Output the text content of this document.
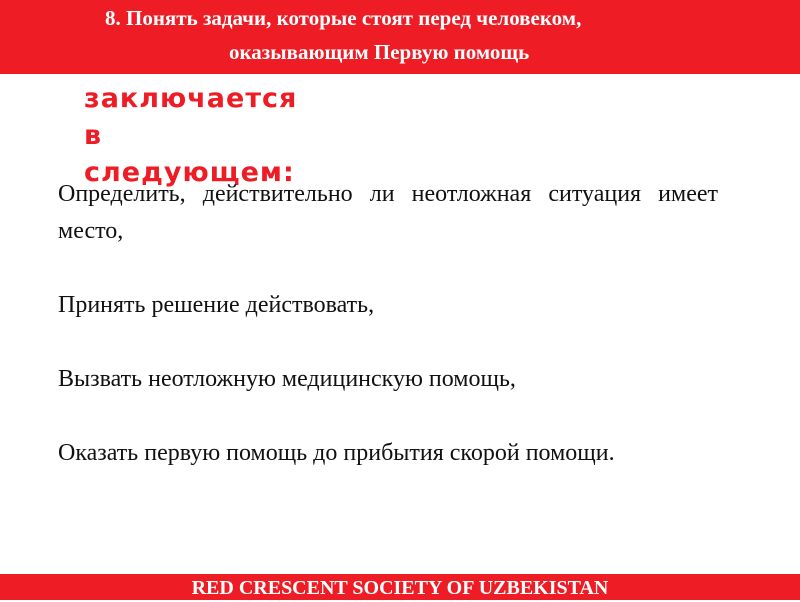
8. Понять задачи, которые стоят перед человеком,
оказывающим Первую помощь
заключается в следующем:

Определить, действительно ли неотложная ситуация имеет место,

Принять решение действовать,

Вызвать неотложную медицинскую помощь,

Оказать первую помощь до прибытия скорой помощи.

RED CRESCENT SOCIETY OF UZBEKISTAN
